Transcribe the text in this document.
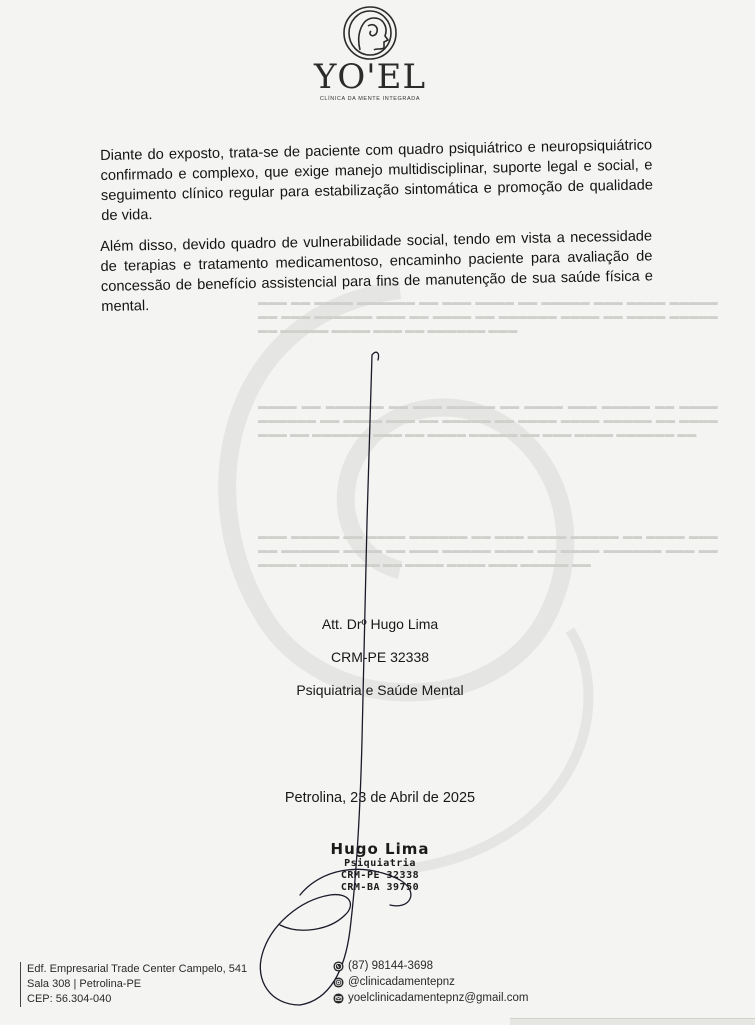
▬▬▬ ▬▬ ▬▬▬▬ ▬▬▬▬▬▬ ▬▬ ▬▬▬ ▬▬▬▬ ▬▬ ▬▬▬▬▬ ▬▬▬ ▬▬▬▬ ▬▬▬▬▬ ▬▬ ▬▬▬ ▬▬▬▬▬▬ ▬▬▬ ▬▬ ▬▬▬▬ ▬▬ ▬▬▬▬▬▬ ▬▬▬▬ ▬▬ ▬▬▬▬ ▬▬▬▬▬ ▬▬ ▬▬▬▬▬ ▬▬▬▬ ▬▬▬ ▬▬ ▬▬▬▬▬▬ ▬▬▬
▬▬▬▬ ▬▬ ▬▬▬▬▬▬ ▬▬ ▬▬▬ ▬▬▬▬▬ ▬▬ ▬▬▬▬ ▬▬▬ ▬▬▬▬▬ ▬▬ ▬▬▬▬ ▬▬▬▬▬▬ ▬▬ ▬▬▬▬ ▬▬▬ ▬▬ ▬▬▬▬▬ ▬▬ ▬▬▬▬ ▬▬▬▬ ▬▬▬▬▬ ▬▬ ▬▬▬▬ ▬▬▬ ▬▬ ▬▬▬▬▬▬ ▬▬▬ ▬▬ ▬▬▬▬ ▬▬▬▬▬ ▬▬ ▬▬▬ ▬▬▬▬ ▬▬▬▬▬▬ ▬▬
▬▬▬ ▬▬▬▬▬ ▬▬ ▬▬▬▬ ▬▬▬▬▬▬ ▬▬ ▬▬▬ ▬▬▬▬ ▬▬▬▬▬ ▬▬ ▬▬▬▬ ▬▬▬ ▬▬ ▬▬▬▬▬▬ ▬▬▬▬ ▬▬ ▬▬▬ ▬▬▬▬▬ ▬▬▬▬ ▬▬ ▬▬▬▬ ▬▬▬▬▬▬ ▬▬▬ ▬▬ ▬▬▬▬ ▬▬▬▬▬ ▬▬▬ ▬▬ ▬▬▬▬ ▬▬▬▬ ▬▬▬ ▬▬▬▬▬ ▬▬
YO'EL
CLÍNICA DA MENTE INTEGRADA

Diante do exposto, trata-se de paciente com quadro psiquiátrico e neuropsiquiátrico confirmado e complexo, que exige manejo multidisciplinar, suporte legal e social, e seguimento clínico regular para estabilização sintomática e promoção de qualidade de vida.

Além disso, devido quadro de vulnerabilidade social, tendo em vista a necessidade de terapias e tratamento medicamentoso, encaminho paciente para avaliação de concessão de benefício assistencial para fins de manutenção de sua saúde física e mental.

Att. Drº Hugo Lima
CRM-PE 32338
Psiquiatria e Saúde Mental
Petrolina, 23 de Abril de 2025
Hugo Lima
Psiquiatria
CRM-PE 32338
CRM-BA 39750
Edf. Empresarial Trade Center Campelo, 541
Sala 308 | Petrolina-PE
CEP: 56.304-040
(87) 98144-3698
@clinicadamentepnz
yoelclinicadamentepnz@gmail.com
